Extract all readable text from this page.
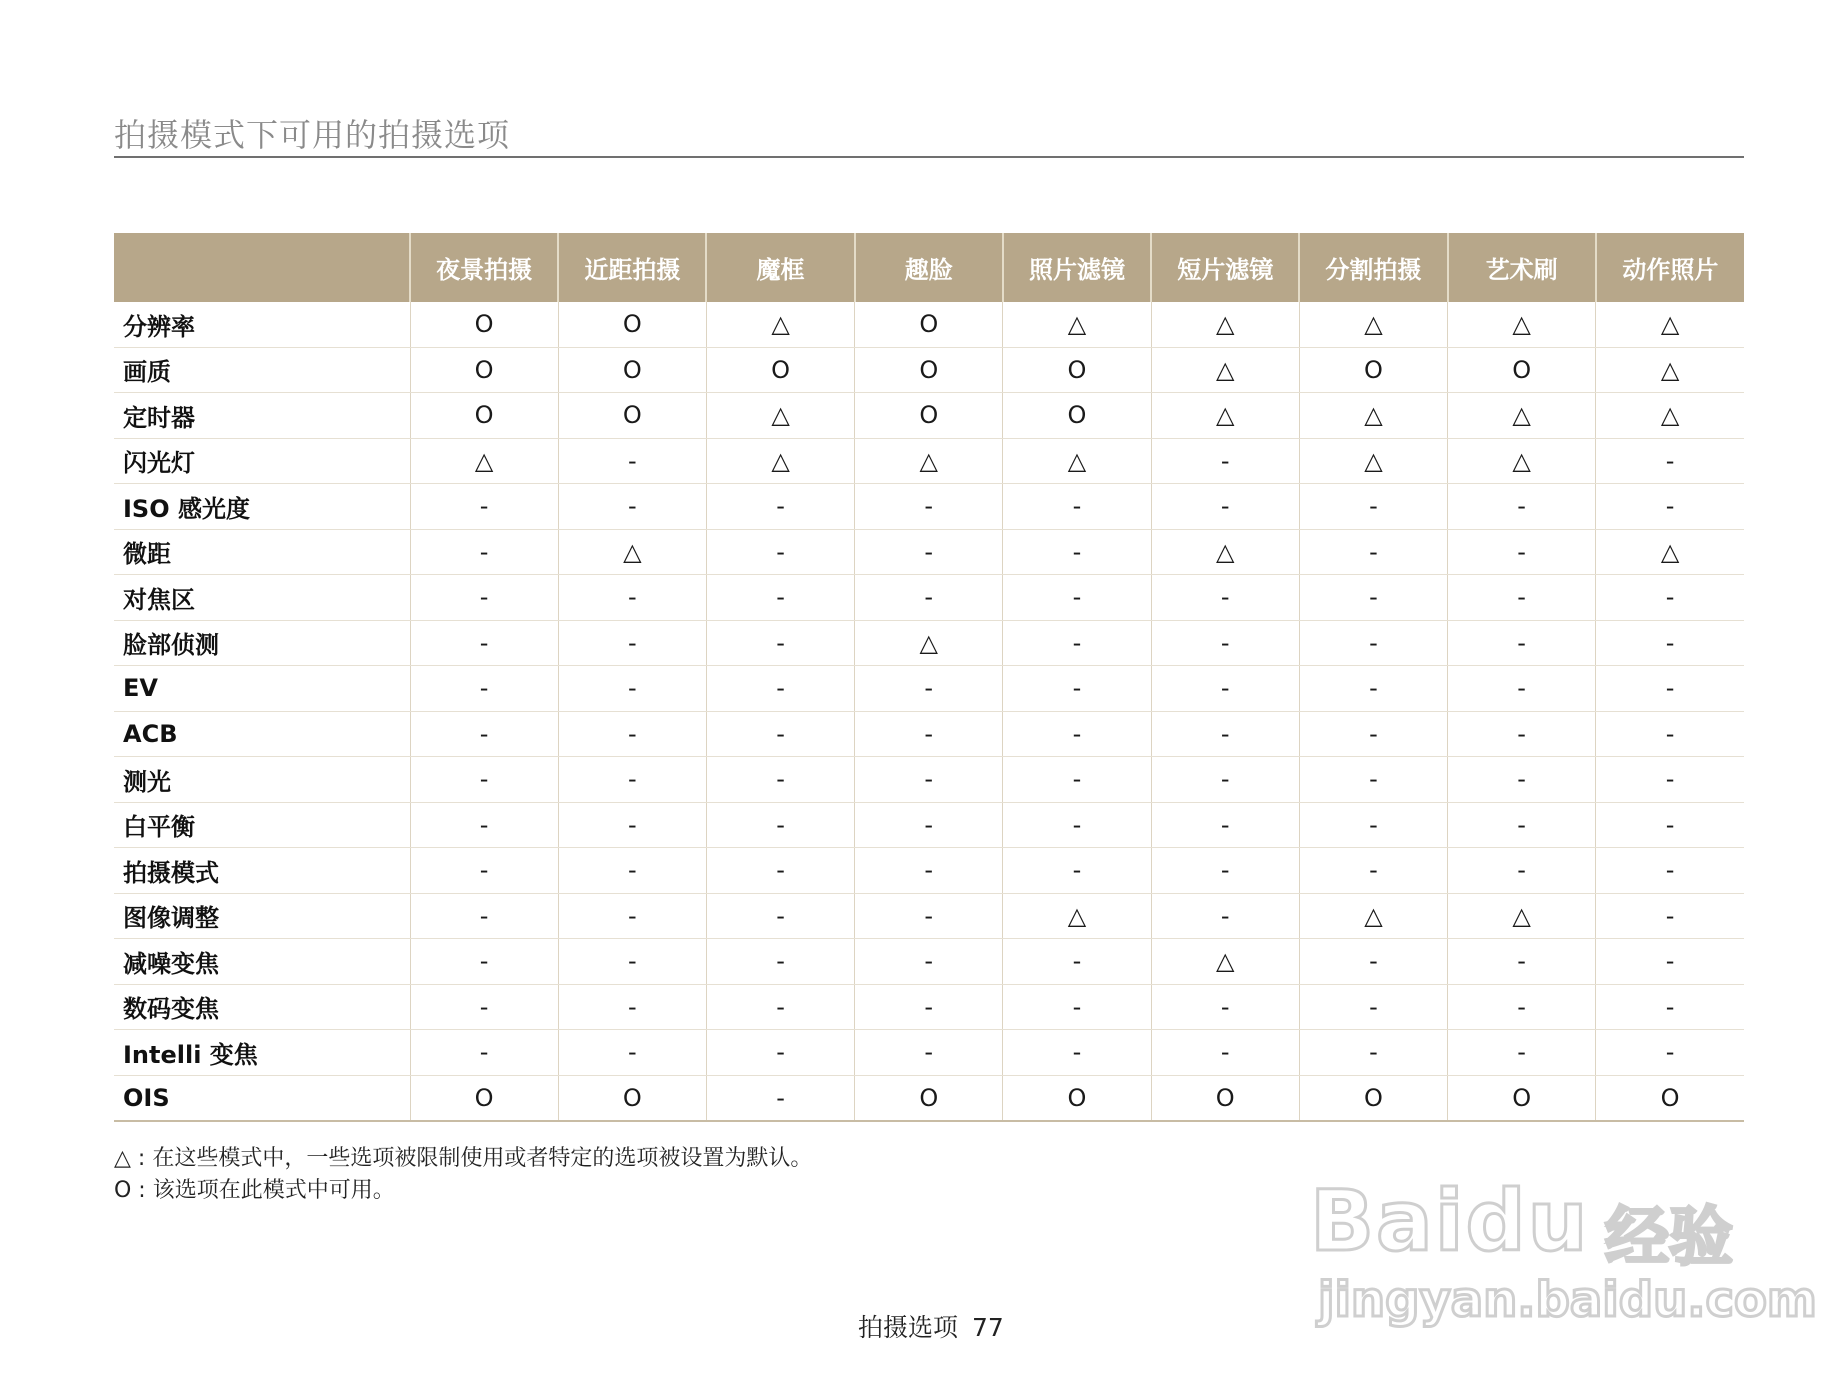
拍摄模式下可用的拍摄选项
	夜景拍摄	近距拍摄	魔框	趣脸	照片滤镜	短片滤镜	分割拍摄	艺术刷	动作照片
分辨率	O	O	△	O	△	△	△	△	△
画质	O	O	O	O	O	△	O	O	△
定时器	O	O	△	O	O	△	△	△	△
闪光灯	△	-	△	△	△	-	△	△	-
ISO 感光度	-	-	-	-	-	-	-	-	-
微距	-	△	-	-	-	△	-	-	△
对焦区	-	-	-	-	-	-	-	-	-
脸部侦测	-	-	-	△	-	-	-	-	-
EV	-	-	-	-	-	-	-	-	-
ACB	-	-	-	-	-	-	-	-	-
测光	-	-	-	-	-	-	-	-	-
白平衡	-	-	-	-	-	-	-	-	-
拍摄模式	-	-	-	-	-	-	-	-	-
图像调整	-	-	-	-	△	-	△	△	-
减噪变焦	-	-	-	-	-	△	-	-	-
数码变焦	-	-	-	-	-	-	-	-	-
Intelli 变焦	-	-	-	-	-	-	-	-	-
OIS	O	O	-	O	O	O	O	O	O
△ : 在这些模式中，一些选项被限制使用或者特定的选项被设置为默认。
O : 该选项在此模式中可用。	Baidu 经验
jingyan.baidu.com
拍摄选项 77
